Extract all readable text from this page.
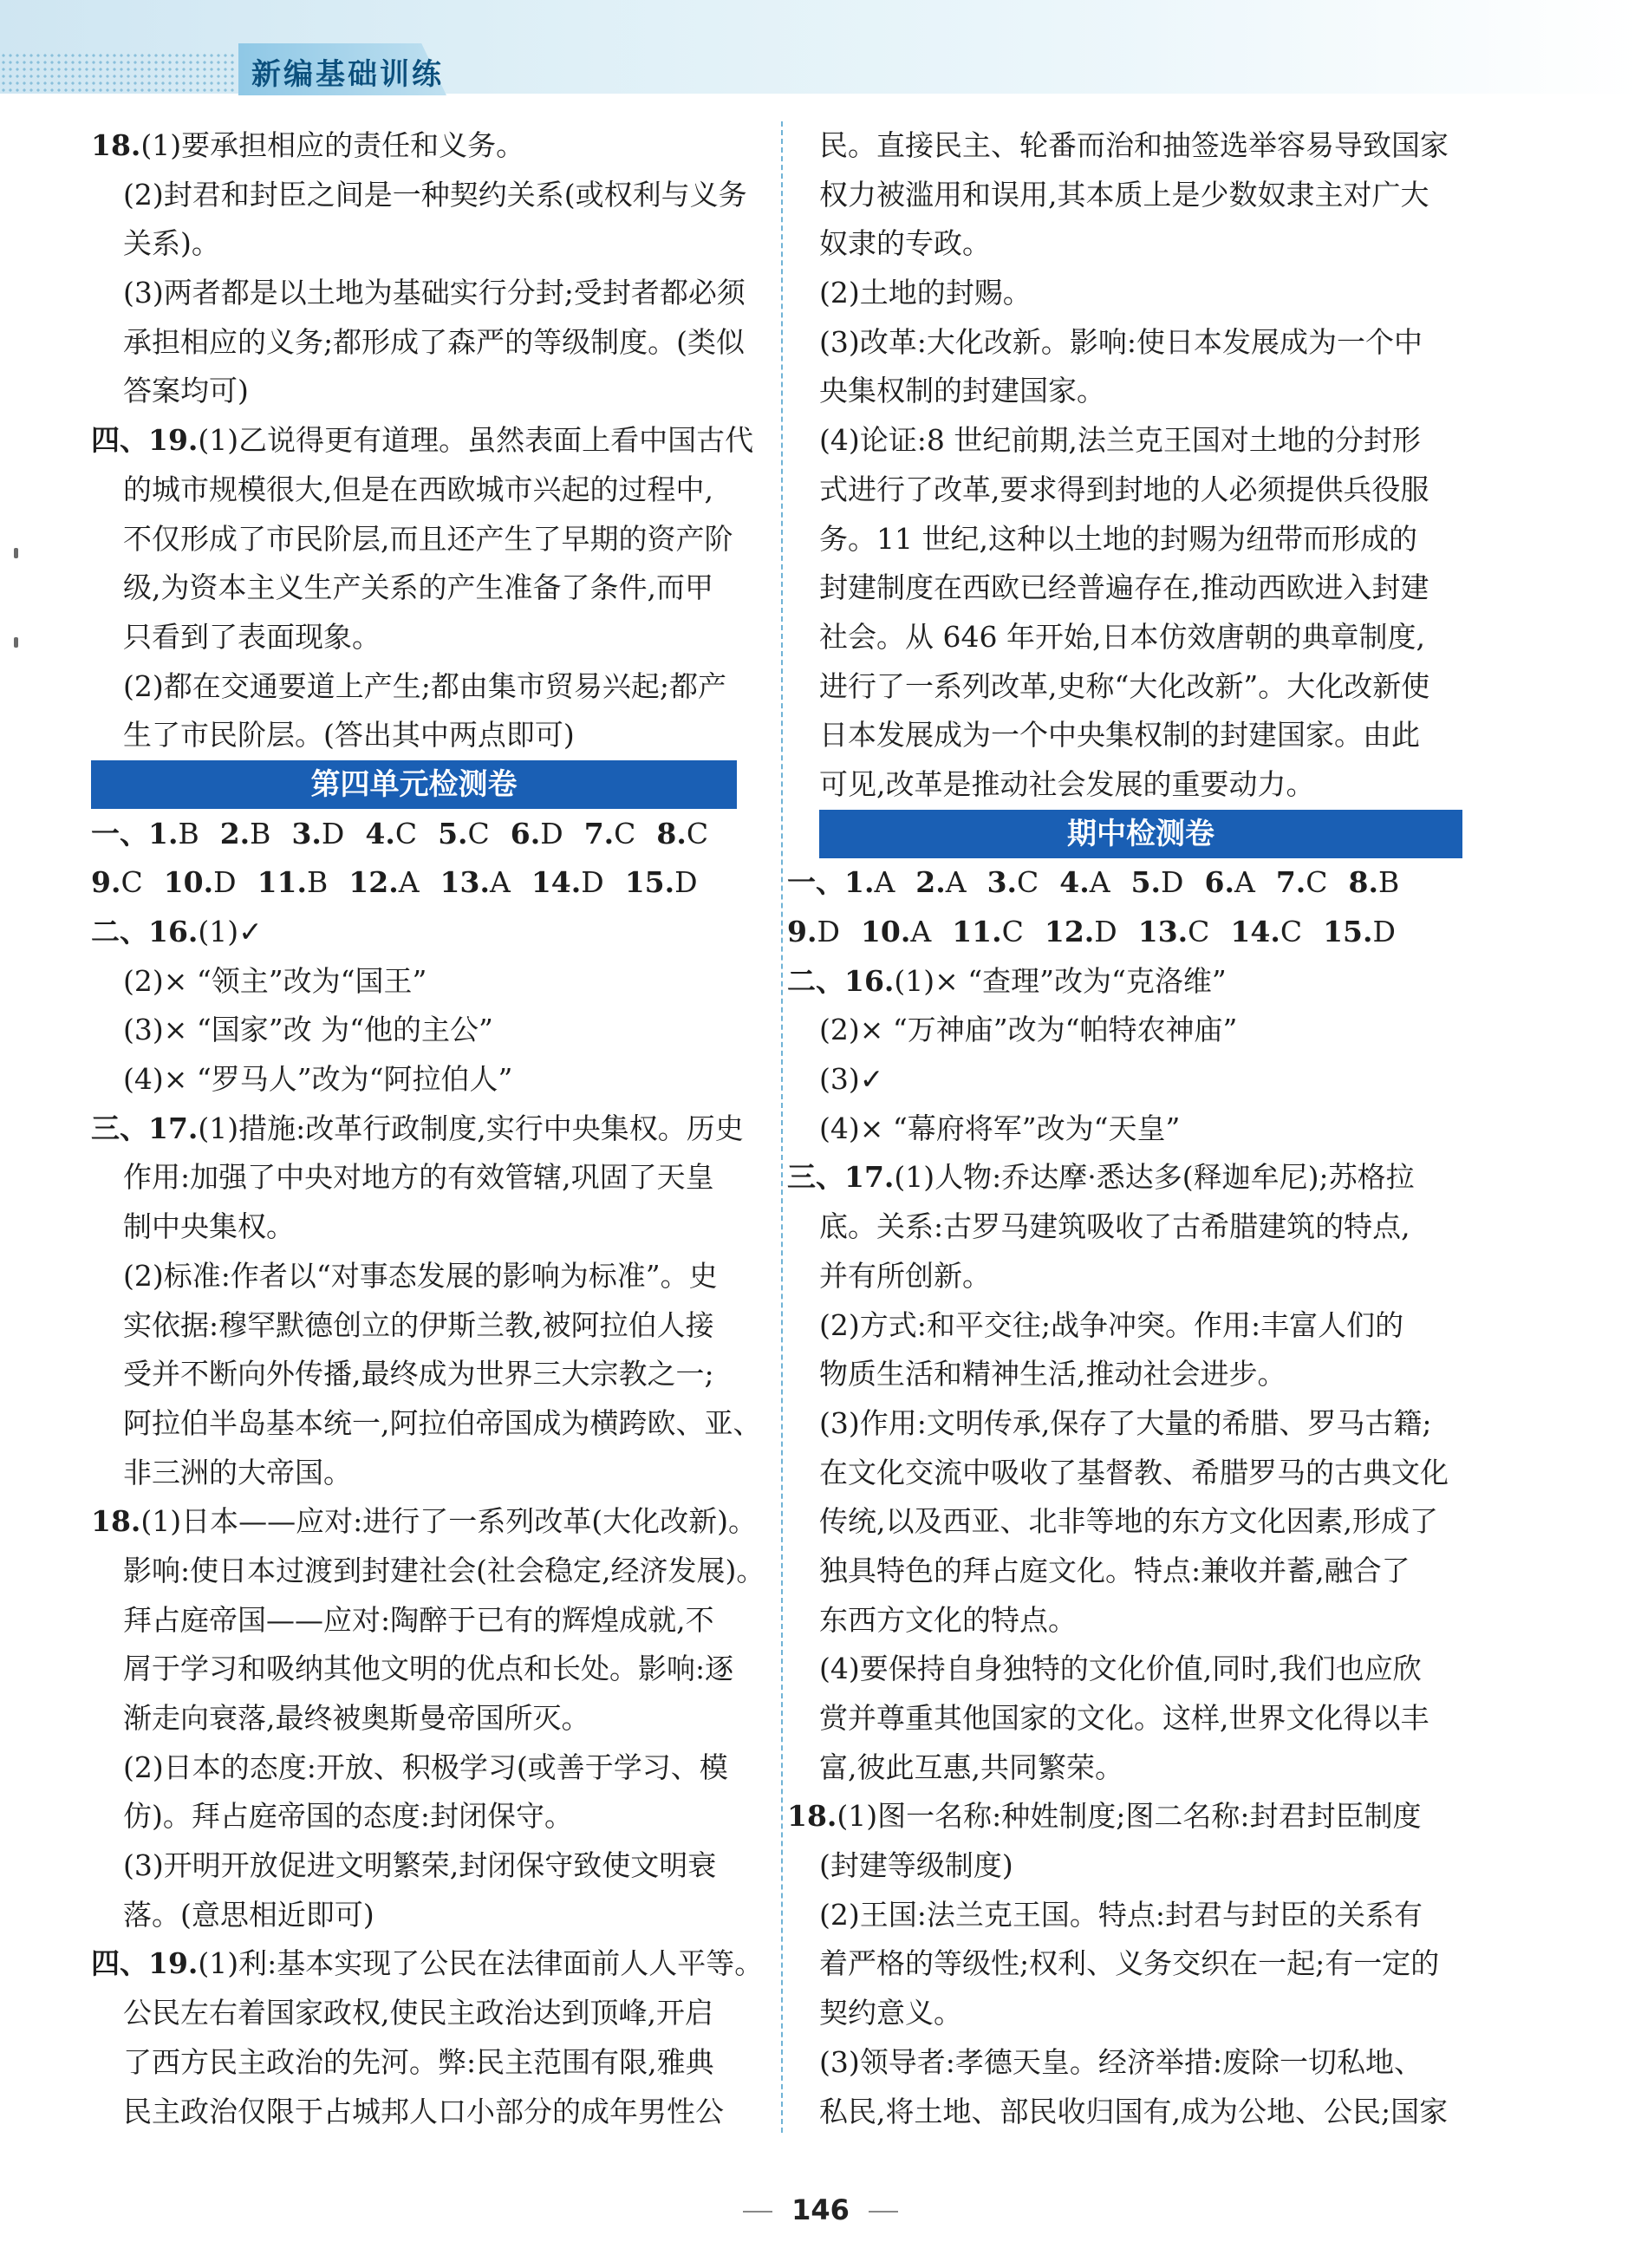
新编基础训练

18.(1)要承担相应的责任和义务。

(2)封君和封臣之间是一种契约关系(或权利与义务

关系)。

(3)两者都是以土地为基础实行分封;受封者都必须

承担相应的义务;都形成了森严的等级制度。(类似

答案均可)

四、19.(1)乙说得更有道理。虽然表面上看中国古代

的城市规模很大,但是在西欧城市兴起的过程中,

不仅形成了市民阶层,而且还产生了早期的资产阶

级,为资本主义生产关系的产生准备了条件,而甲

只看到了表面现象。

(2)都在交通要道上产生;都由集市贸易兴起;都产

生了市民阶层。(答出其中两点即可)

第四单元检测卷

一、1.B 2.B 3.D 4.C 5.C 6.D 7.C 8.C

9.C 10.D 11.B 12.A 13.A 14.D 15.D

二、16.(1)✓

(2)× “领主”改为“国王”

(3)× “国家”改 为“他的主公”

(4)× “罗马人”改为“阿拉伯人”

三、17.(1)措施:改革行政制度,实行中央集权。历史

作用:加强了中央对地方的有效管辖,巩固了天皇

制中央集权。

(2)标准:作者以“对事态发展的影响为标准”。史

实依据:穆罕默德创立的伊斯兰教,被阿拉伯人接

受并不断向外传播,最终成为世界三大宗教之一;

阿拉伯半岛基本统一,阿拉伯帝国成为横跨欧、亚、

非三洲的大帝国。

18.(1)日本——应对:进行了一系列改革(大化改新)。

影响:使日本过渡到封建社会(社会稳定,经济发展)。

拜占庭帝国——应对:陶醉于已有的辉煌成就,不

屑于学习和吸纳其他文明的优点和长处。影响:逐

渐走向衰落,最终被奥斯曼帝国所灭。

(2)日本的态度:开放、积极学习(或善于学习、模

仿)。拜占庭帝国的态度:封闭保守。

(3)开明开放促进文明繁荣,封闭保守致使文明衰

落。(意思相近即可)

四、19.(1)利:基本实现了公民在法律面前人人平等。

公民左右着国家政权,使民主政治达到顶峰,开启

了西方民主政治的先河。弊:民主范围有限,雅典

民主政治仅限于占城邦人口小部分的成年男性公

民。直接民主、轮番而治和抽签选举容易导致国家

权力被滥用和误用,其本质上是少数奴隶主对广大

奴隶的专政。

(2)土地的封赐。

(3)改革:大化改新。影响:使日本发展成为一个中

央集权制的封建国家。

(4)论证:8 世纪前期,法兰克王国对土地的分封形

式进行了改革,要求得到封地的人必须提供兵役服

务。11 世纪,这种以土地的封赐为纽带而形成的

封建制度在西欧已经普遍存在,推动西欧进入封建

社会。从 646 年开始,日本仿效唐朝的典章制度,

进行了一系列改革,史称“大化改新”。大化改新使

日本发展成为一个中央集权制的封建国家。由此

可见,改革是推动社会发展的重要动力。

期中检测卷

一、1.A 2.A 3.C 4.A 5.D 6.A 7.C 8.B

9.D 10.A 11.C 12.D 13.C 14.C 15.D

二、16.(1)× “查理”改为“克洛维”

(2)× “万神庙”改为“帕特农神庙”

(3)✓

(4)× “幕府将军”改为“天皇”

三、17.(1)人物:乔达摩·悉达多(释迦牟尼);苏格拉

底。关系:古罗马建筑吸收了古希腊建筑的特点,

并有所创新。

(2)方式:和平交往;战争冲突。作用:丰富人们的

物质生活和精神生活,推动社会进步。

(3)作用:文明传承,保存了大量的希腊、罗马古籍;

在文化交流中吸收了基督教、希腊罗马的古典文化

传统,以及西亚、北非等地的东方文化因素,形成了

独具特色的拜占庭文化。特点:兼收并蓄,融合了

东西方文化的特点。

(4)要保持自身独特的文化价值,同时,我们也应欣

赏并尊重其他国家的文化。这样,世界文化得以丰

富,彼此互惠,共同繁荣。

18.(1)图一名称:种姓制度;图二名称:封君封臣制度

(封建等级制度)

(2)王国:法兰克王国。特点:封君与封臣的关系有

着严格的等级性;权利、义务交织在一起;有一定的

契约意义。

(3)领导者:孝德天皇。经济举措:废除一切私地、

私民,将土地、部民收归国有,成为公地、公民;国家

146
